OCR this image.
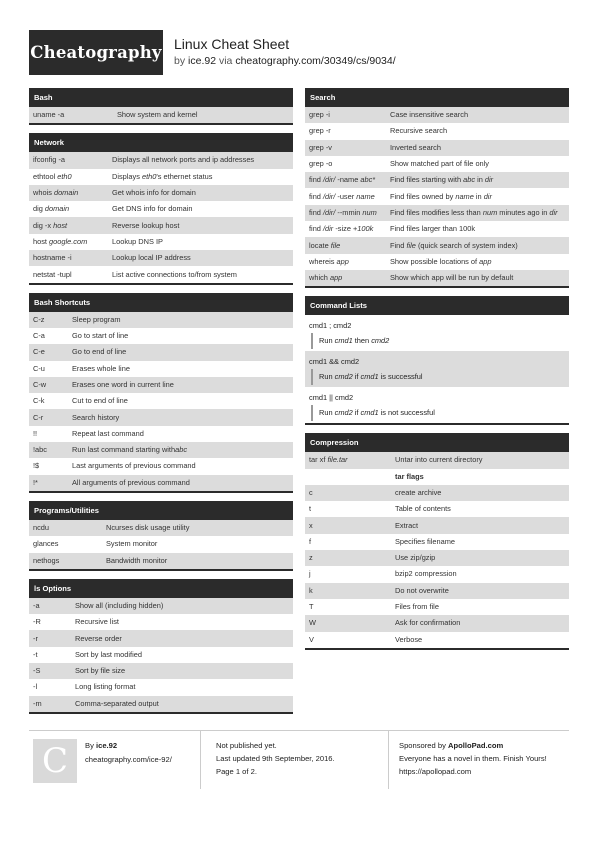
Cheatography Linux Cheat Sheet
by ice.92 via cheatography.com/30349/cs/9034/
Bash
uname -a	Show system and kernel
Network
ifconfig -a	Displays all network ports and ip addresses
ethtool eth0	Displays eth0's ethernet status
whois domain	Get whois info for domain
dig domain	Get DNS info for domain
dig -x host	Reverse lookup host
host google.com	Lookup DNS IP
hostname -i	Lookup local IP address
netstat -tupl	List active connections to/from system
Bash Shortcuts
C-z	Sleep program
C-a	Go to start of line
C-e	Go to end of line
C-u	Erases whole line
C-w	Erases one word in current line
C-k	Cut to end of line
C-r	Search history
!!	Repeat last command
!abc	Run last command starting withabc
!$	Last arguments of previous command
!*	All arguments of previous command
Programs/Utilities
ncdu	Ncurses disk usage utility
glances	System monitor
nethogs	Bandwidth monitor
ls Options
-a	Show all (including hidden)
-R	Recursive list
-r	Reverse order
-t	Sort by last modified
-S	Sort by file size
-l	Long listing format
-m	Comma-separated output
Search
grep -i	Case insensitive search
grep -r	Recursive search
grep -v	Inverted search
grep -o	Show matched part of file only
find /dir/ -name abc*	Find files starting with abc in dir
find /dir/ -user name	Find files owned by name in dir
find /dir/ --mmin num	Find files modifies less than num minutes ago in dir
find /dir -size +100k	Find files larger than 100k
locate file	Find file (quick search of system index)
whereis app	Show possible locations of app
which app	Show which app will be run by default
Command Lists
cmd1 ; cmd2
Run cmd1 then cmd2
cmd1 && cmd2
Run cmd2 if cmd1 is successful
cmd1 || cmd2
Run cmd2 if cmd1 is not successful
Compression
tar xf file.tar	Untar into current directory
tar flags
c	create archive
t	Table of contents
x	Extract
f	Specifies filename
z	Use zip/gzip
j	bzip2 compression
k	Do not overwrite
T	Files from file
W	Ask for confirmation
V	Verbose
C	By ice.92
cheatography.com/ice-92/
Not published yet.
Last updated 9th September, 2016.
Page 1 of 2.
Sponsored by ApolloPad.com
Everyone has a novel in them. Finish Yours!
https://apollopad.com
